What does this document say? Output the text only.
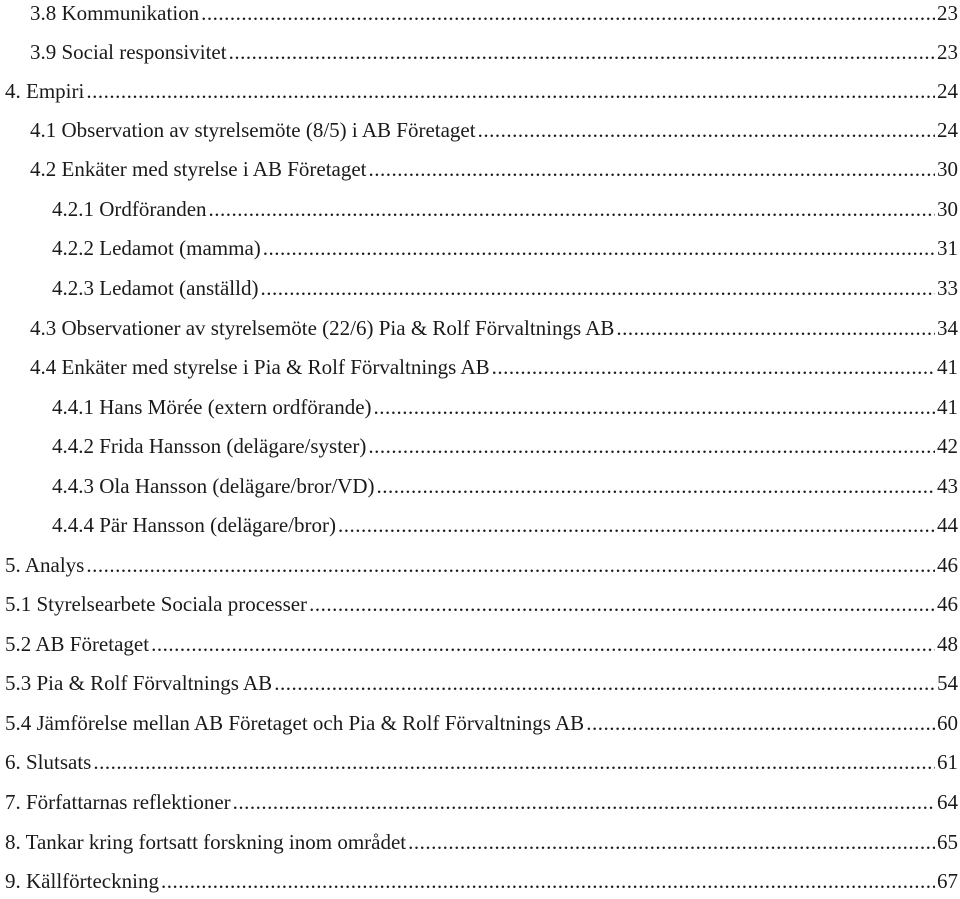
3.8 Kommunikation .....	23
3.9 Social responsivitet .....	23
4. Empiri .....	24
4.1 Observation av styrelsemöte (8/5) i AB Företaget .....	24
4.2 Enkäter med styrelse i AB Företaget .....	30
4.2.1 Ordföranden .....	30
4.2.2 Ledamot (mamma) .....	31
4.2.3 Ledamot (anställd) .....	33
4.3 Observationer av styrelsemöte (22/6) Pia & Rolf Förvaltnings AB .....	34
4.4 Enkäter med styrelse i Pia & Rolf Förvaltnings AB .....	41
4.4.1 Hans Mörée (extern ordförande) .....	41
4.4.2 Frida Hansson (delägare/syster) .....	42
4.4.3 Ola Hansson (delägare/bror/VD) .....	43
4.4.4 Pär Hansson (delägare/bror) .....	44
5. Analys .....	46
5.1 Styrelsearbete Sociala processer .....	46
5.2 AB Företaget .....	48
5.3 Pia & Rolf Förvaltnings AB .....	54
5.4 Jämförelse mellan AB Företaget och Pia & Rolf Förvaltnings AB .....	60
6. Slutsats .....	61
7. Författarnas reflektioner .....	64
8. Tankar kring fortsatt forskning inom området .....	65
9. Källförteckning .....	67
